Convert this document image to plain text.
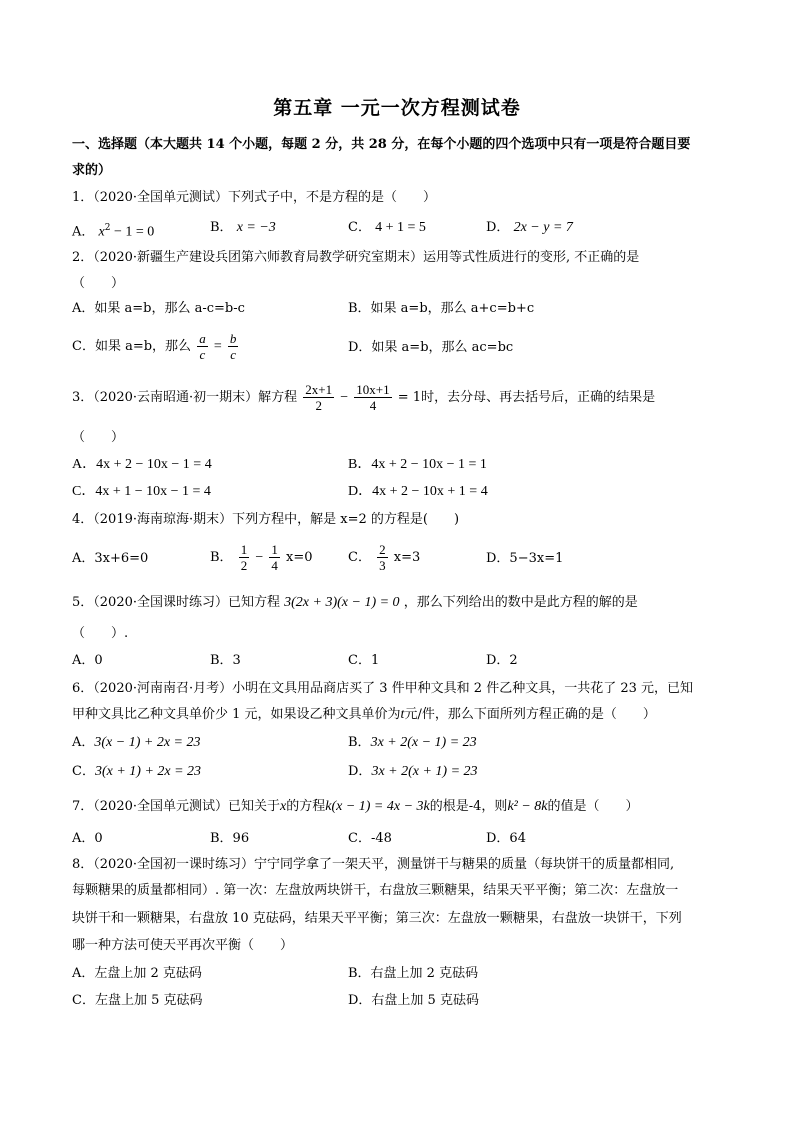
第五章 一元一次方程测试卷
一、选择题（本大题共 14 个小题，每题 2 分，共 28 分，在每个小题的四个选项中只有一项是符合题目要
求的）
1．（2020·全国单元测试）下列式子中，不是方程的是（　　）
A． $x^2 - 1 = 0$	B． x = −3	C． 4 + 1 = 5	D． 2x − y = 7
2．（2020·新疆生产建设兵团第六师教育局教学研究室期末）运用等式性质进行的变形, 不正确的是
（　　）
A．如果 a=b，那么 a-c=b-c	B．如果 a=b，那么 a+c=b+c
C．如果 a=b，那么 $\frac{a}{c} = \frac{b}{c}$	D．如果 a=b，那么 ac=bc
3．（2020·云南昭通·初一期末）解方程 $\frac{2x+1}{2} - \frac{10x+1}{4} = 1$时，去分母、再去括号后，正确的结果是
（　　）
A．4x + 2 − 10x − 1 = 4	B．4x + 2 − 10x − 1 = 1
C．4x + 1 − 10x − 1 = 4	D．4x + 2 − 10x + 1 = 4
4．（2019·海南琼海·期末）下列方程中，解是 x=2 的方程是(　　)
A．3x+6=0	B． $\frac{1}{2} - \frac{1}{4} x=0$	C． $\frac{2}{3} x=3$	D．5−3x=1
5．（2020·全国课时练习）已知方程 3(2x + 3)(x − 1) = 0 ，那么下列给出的数中是此方程的解的是
（　　）.
A．0	B．3	C．1	D．2
6．（2020·河南南召·月考）小明在文具用品商店买了 3 件甲种文具和 2 件乙种文具，一共花了 23 元，已知
甲种文具比乙种文具单价少 1 元，如果设乙种文具单价为t元/件，那么下面所列方程正确的是（　　）
A．3(x − 1) + 2x = 23	B．3x + 2(x − 1) = 23
C．3(x + 1) + 2x = 23	D．3x + 2(x + 1) = 23
7．（2020·全国单元测试）已知关于x的方程k(x − 1) = 4x − 3k的根是-4，则k² − 8k的值是（　　）
A．0	B．96	C．-48	D．64
8．（2020·全国初一课时练习）宁宁同学拿了一架天平，测量饼干与糖果的质量（每块饼干的质量都相同,
每颗糖果的质量都相同）. 第一次：左盘放两块饼干，右盘放三颗糖果，结果天平平衡；第二次：左盘放一
块饼干和一颗糖果，右盘放 10 克砝码，结果天平平衡；第三次：左盘放一颗糖果，右盘放一块饼干，下列
哪一种方法可使天平再次平衡（　　）
A．左盘上加 2 克砝码	B．右盘上加 2 克砝码
C．左盘上加 5 克砝码	D．右盘上加 5 克砝码
